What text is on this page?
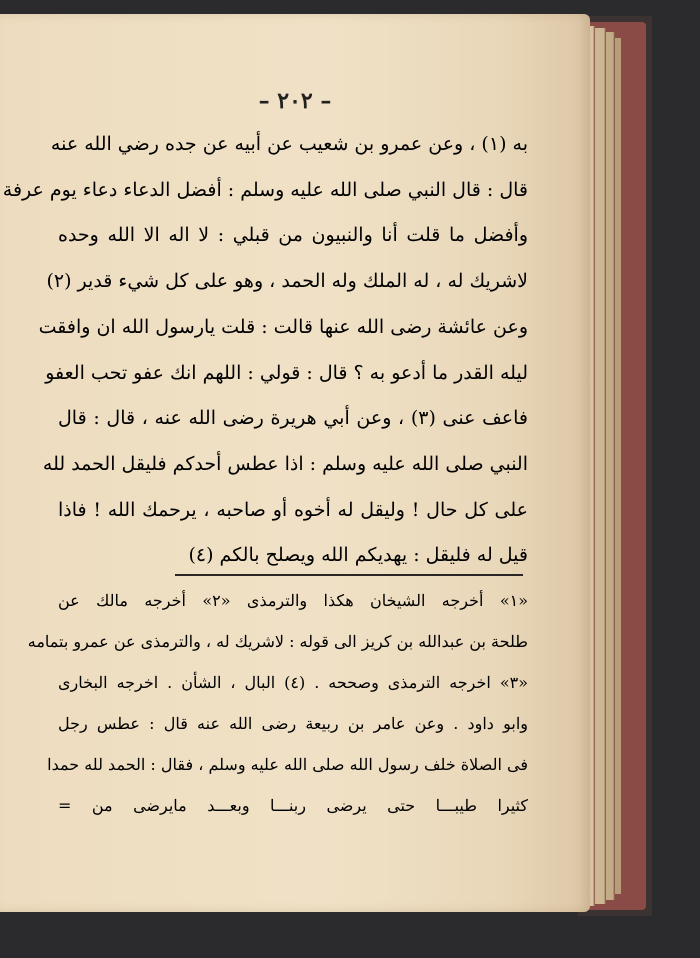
– ٢٠٢ –
به (١) ، وعن عمرو بن شعيب عن أبيه عن جده رضي الله عنه
قال : قال النبي صلى الله عليه وسلم : أفضل الدعاء دعاء يوم عرفة
وأفضل ما قلت أنا والنبيون من قبلي : لا اله الا الله وحده
لاشريك له ، له الملك وله الحمد ، وهو على كل شيء قدير (٢)
وعن عائشة رضى الله عنها قالت : قلت يارسول الله ان وافقت
ليله القدر ما أدعو به ؟ قال : قولي : اللهم انك عفو تحب العفو
فاعف عنى (٣) ، وعن أبي هريرة رضى الله عنه ، قال : قال
النبي صلى الله عليه وسلم : اذا عطس أحدكم فليقل الحمد لله
على كل حال ! وليقل له أخوه أو صاحبه ، يرحمك الله ! فاذا
قيل له فليقل : يهديكم الله ويصلح بالكم (٤)
«١» أخرجه الشيخان هكذا والترمذى «٢» أخرجه مالك عن
طلحة بن عبدالله بن كريز الى قوله : لاشريك له ، والترمذى عن عمرو بتمامه
«٣» اخرجه الترمذى وصححه . (٤) البال ، الشأن . اخرجه البخارى
وابو داود . وعن عامر بن ربيعة رضى الله عنه قال : عطس رجل
فى الصلاة خلف رسول الله صلى الله عليه وسلم ، فقال : الحمد لله حمدا
كثيرا طيبـــا حتى يرضى ربنـــا وبعـــد مايرضى من =
